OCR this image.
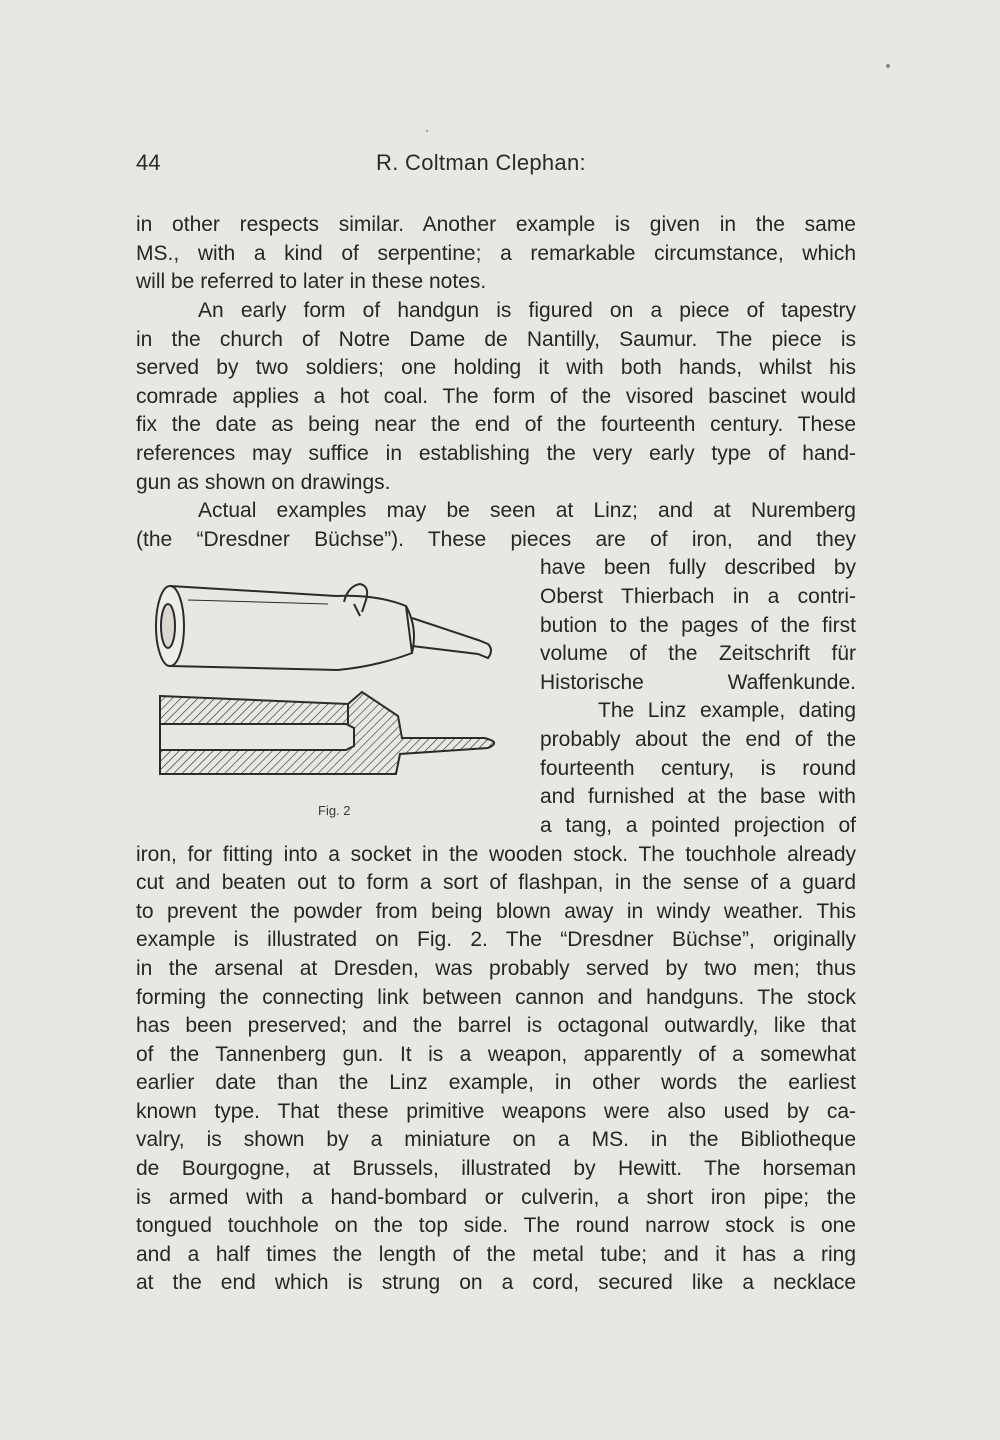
44	R. Coltman Clephan:
in other respects similar. Another example is given in the same
MS., with a kind of serpentine; a remarkable circumstance, which
will be referred to later in these notes.
An early form of handgun is figured on a piece of tapestry
in the church of Notre Dame de Nantilly, Saumur. The piece is
served by two soldiers; one holding it with both hands, whilst his
comrade applies a hot coal. The form of the visored bascinet would
fix the date as being near the end of the fourteenth century. These
references may suffice in establishing the very early type of hand-
gun as shown on drawings.
Actual examples may be seen at Linz; and at Nuremberg
(the “Dresdner Büchse”). These pieces are of iron, and they
have been fully described by
Oberst Thierbach in a contri-
bution to the pages of the first
volume of the Zeitschrift für
Historische Waffenkunde.
The Linz example, dating
probably about the end of the
fourteenth century, is round
and furnished at the base with
a tang, a pointed projection of
Fig. 2
iron, for fitting into a socket in the wooden stock. The touchhole already
cut and beaten out to form a sort of flashpan, in the sense of a guard
to prevent the powder from being blown away in windy weather. This
example is illustrated on Fig. 2. The “Dresdner Büchse”, originally
in the arsenal at Dresden, was probably served by two men; thus
forming the connecting link between cannon and handguns. The stock
has been preserved; and the barrel is octagonal outwardly, like that
of the Tannenberg gun. It is a weapon, apparently of a somewhat
earlier date than the Linz example, in other words the earliest
known type. That these primitive weapons were also used by ca-
valry, is shown by a miniature on a MS. in the Bibliotheque
de Bourgogne, at Brussels, illustrated by Hewitt. The horseman
is armed with a hand-bombard or culverin, a short iron pipe; the
tongued touchhole on the top side. The round narrow stock is one
and a half times the length of the metal tube; and it has a ring
at the end which is strung on a cord, secured like a necklace
